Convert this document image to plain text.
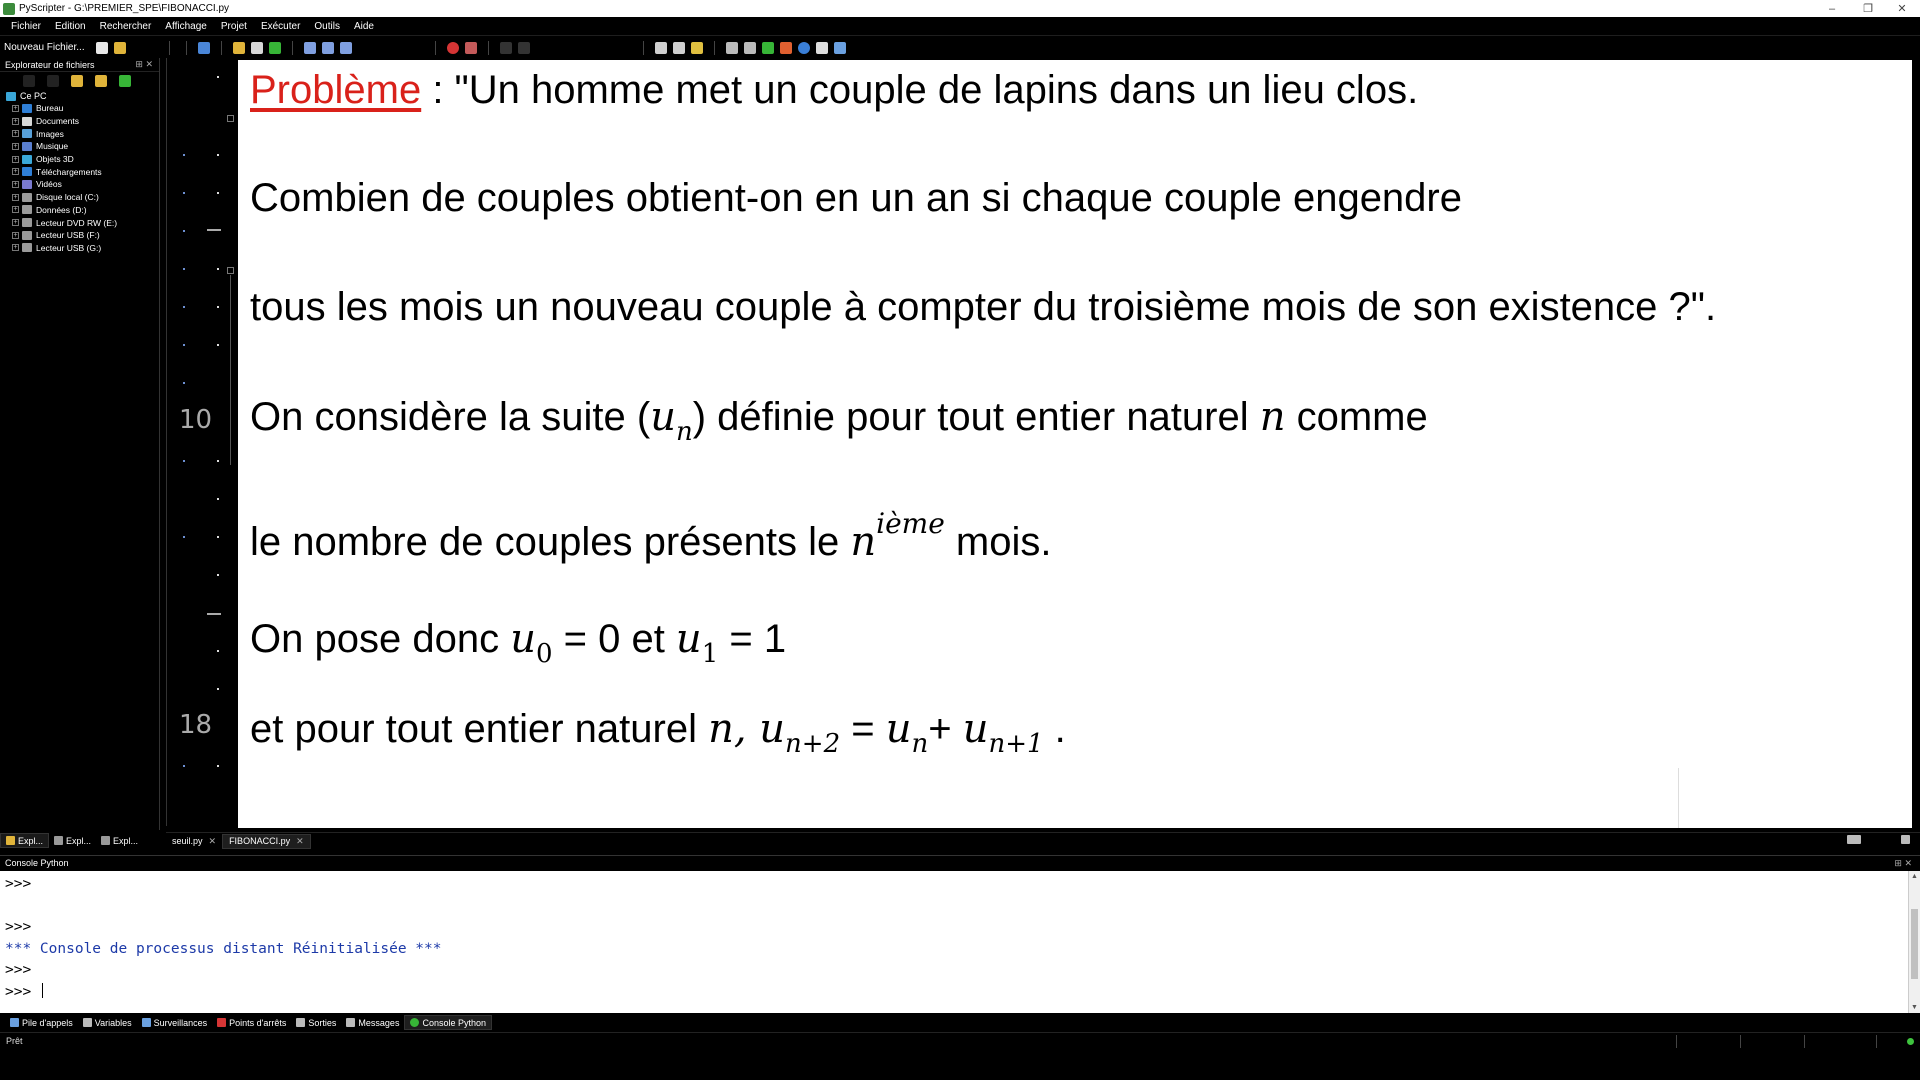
PyScripter - G:\PREMIER_SPE\FIBONACCI.py	–	❐	✕
Fichier	Edition	Rechercher	Affichage	Projet	Exécuter	Outils	Aide
Nouveau Fichier...
Explorateur de fichiers	⊞ ✕
Ce PC
+ Bureau
+ Documents
+ Images
+ Musique
+ Objets 3D
+ Téléchargements
+ Vidéos
+ Disque local (C:)
+ Données (D:)
+ Lecteur DVD RW (E:)
+ Lecteur USB (F:)
+ Lecteur USB (G:)
Expl...	Expl... Expl...
10
18
Problème : "Un homme met un couple de lapins dans un lieu clos.
Combien de couples obtient-on en un an si chaque couple engendre
tous les mois un nouveau couple à compter du troisième mois de son existence ?".
On considère la suite $(u_n)$ définie pour tout entier naturel n comme
le nombre de couples présents le $n^{ième}$ mois.
On pose donc $u_0 = 0$ et $u_1 = 1$
et pour tout entier naturel n, $u_{n+2} = u_n+ u_{n+1}$ .
seuil.py ✕ FIBONACCI.py ✕
Console Python	⊞ ✕
>>>
>>>
*** Console de processus distant Réinitialisée ***
>>>
>>>
▲
▼
Pile d'appels Variables Surveillances Points d'arrêts Sorties Messages	Console Python
Prêt
